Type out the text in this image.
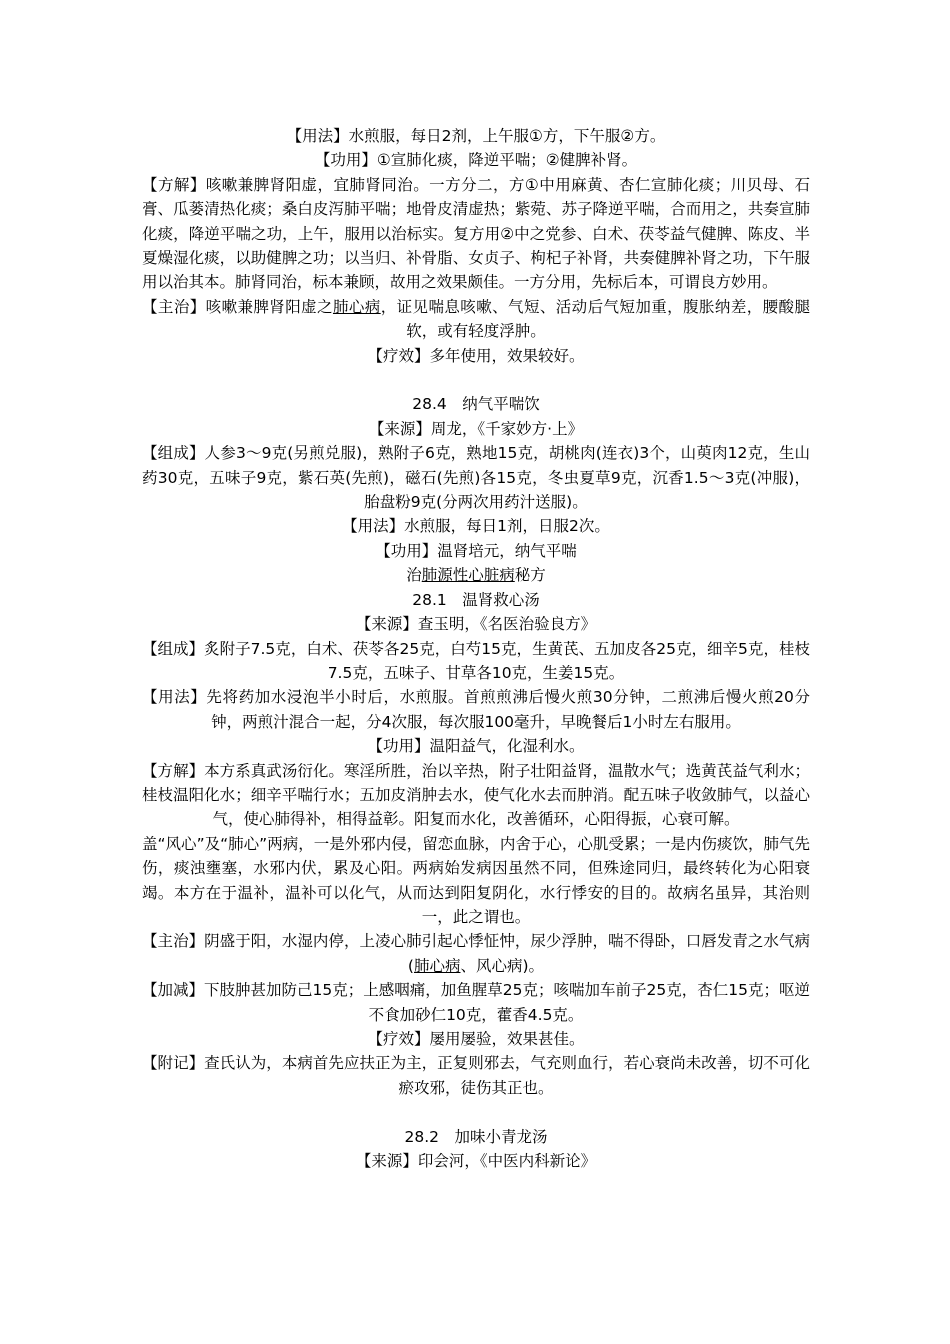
【用法】水煎服，每日2剂，上午服①方，下午服②方。

【功用】①宣肺化痰，降逆平喘；②健脾补肾。

【方解】咳嗽兼脾肾阳虚，宜肺肾同治。一方分二，方①中用麻黄、杏仁宣肺化痰；川贝母、石膏、瓜蒌清热化痰；桑白皮泻肺平喘；地骨皮清虚热；紫菀、苏子降逆平喘，合而用之，共奏宣肺化痰，降逆平喘之功，上午，服用以治标实。复方用②中之党参、白术、茯苓益气健脾、陈皮、半夏燥湿化痰，以助健脾之功；以当归、补骨脂、女贞子、枸杞子补肾，共奏健脾补肾之功，下午服用以治其本。肺肾同治，标本兼顾，故用之效果颇佳。一方分用，先标后本，可谓良方妙用。

【主治】咳嗽兼脾肾阳虚之肺心病，证见喘息咳嗽、气短、活动后气短加重，腹胀纳差，腰酸腿软，或有轻度浮肿。

【疗效】多年使用，效果较好。

28.4　纳气平喘饮

【来源】周龙，《千家妙方·上》

【组成】人参3～9克(另煎兑服)，熟附子6克，熟地15克，胡桃肉(连衣)3个，山萸肉12克，生山药30克，五味子9克，紫石英(先煎)，磁石(先煎)各15克，冬虫夏草9克，沉香1.5～3克(冲服)，胎盘粉9克(分两次用药汁送服)。

【用法】水煎服，每日1剂，日服2次。

【功用】温肾培元，纳气平喘

治肺源性心脏病秘方

28.1　温肾救心汤

【来源】查玉明，《名医治验良方》

【组成】炙附子7.5克，白术、茯苓各25克，白芍15克，生黄芪、五加皮各25克，细辛5克，桂枝7.5克，五味子、甘草各10克，生姜15克。

【用法】先将药加水浸泡半小时后，水煎服。首煎煎沸后慢火煎30分钟，二煎沸后慢火煎20分钟，两煎汁混合一起，分4次服，每次服100毫升，早晚餐后1小时左右服用。

【功用】温阳益气，化湿利水。

【方解】本方系真武汤衍化。寒淫所胜，治以辛热，附子壮阳益肾，温散水气；选黄芪益气利水；桂枝温阳化水；细辛平喘行水；五加皮消肿去水，使气化水去而肿消。配五味子收敛肺气，以益心气，使心肺得补，相得益彰。阳复而水化，改善循环，心阳得振，心衰可解。

盖“风心”及“肺心”两病，一是外邪内侵，留恋血脉，内舍于心，心肌受累；一是内伤痰饮，肺气先伤，痰浊壅塞，水邪内伏，累及心阳。两病始发病因虽然不同，但殊途同归，最终转化为心阳衰竭。本方在于温补，温补可以化气，从而达到阳复阴化，水行悸安的目的。故病名虽异，其治则一，此之谓也。

【主治】阴盛于阳，水湿内停，上凌心肺引起心悸怔忡，尿少浮肿，喘不得卧，口唇发青之水气病(肺心病、风心病)。

【加减】下肢肿甚加防己15克；上感咽痛，加鱼腥草25克；咳喘加车前子25克，杏仁15克；呕逆不食加砂仁10克，藿香4.5克。

【疗效】屡用屡验，效果甚佳。

【附记】查氏认为，本病首先应扶正为主，正复则邪去，气充则血行，若心衰尚未改善，切不可化瘀攻邪，徒伤其正也。

28.2　加味小青龙汤

【来源】印会河，《中医内科新论》
